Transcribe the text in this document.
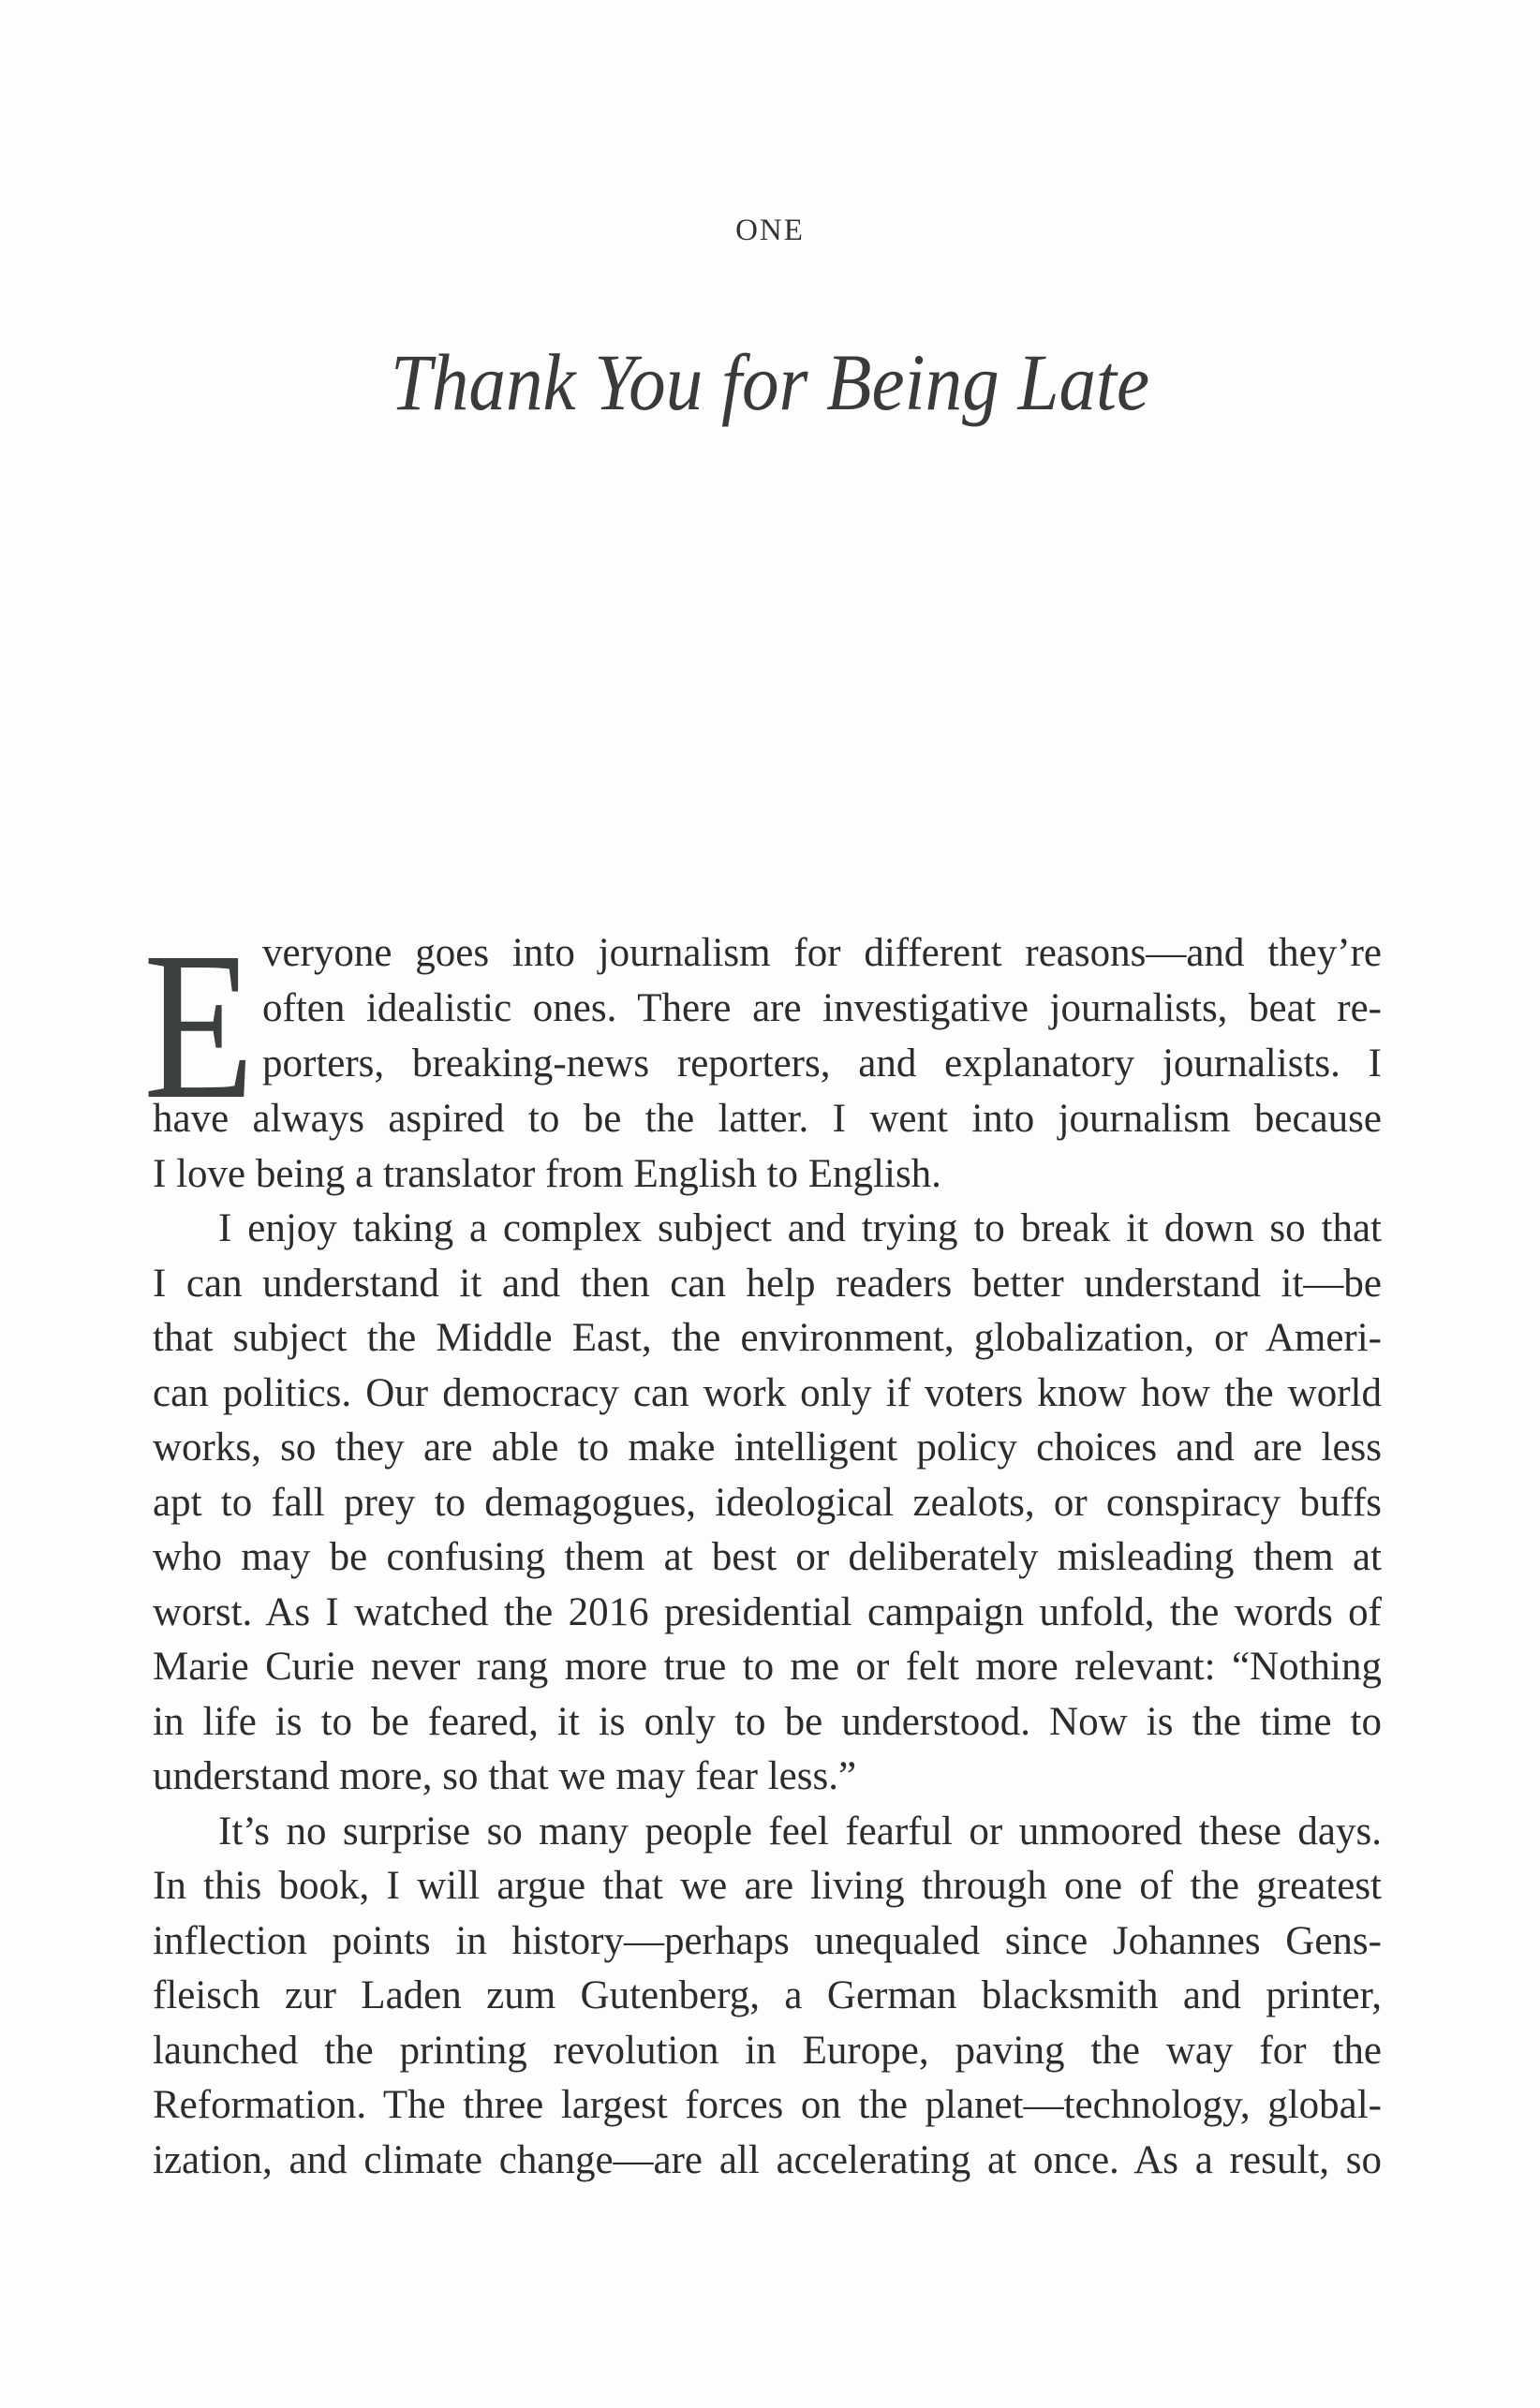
ONE
Thank You for Being Late
E veryone goes into journalism for different reasons—and they’re
often idealistic ones. There are investigative journalists, beat re-
porters, breaking-news reporters, and explanatory journalists. I
have always aspired to be the latter. I went into journalism because
I love being a translator from English to English.
I enjoy taking a complex subject and trying to break it down so that
I can understand it and then can help readers better understand it—be
that subject the Middle East, the environment, globalization, or Ameri-
can politics. Our democracy can work only if voters know how the world
works, so they are able to make intelligent policy choices and are less
apt to fall prey to demagogues, ideological zealots, or conspiracy buffs
who may be confusing them at best or deliberately misleading them at
worst. As I watched the 2016 presidential campaign unfold, the words of
Marie Curie never rang more true to me or felt more relevant: “Nothing
in life is to be feared, it is only to be understood. Now is the time to
understand more, so that we may fear less.”
It’s no surprise so many people feel fearful or unmoored these days.
In this book, I will argue that we are living through one of the greatest
inflection points in history—perhaps unequaled since Johannes Gens-
fleisch zur Laden zum Gutenberg, a German blacksmith and printer,
launched the printing revolution in Europe, paving the way for the
Reformation. The three largest forces on the planet—technology, global-
ization, and climate change—are all accelerating at once. As a result, so
